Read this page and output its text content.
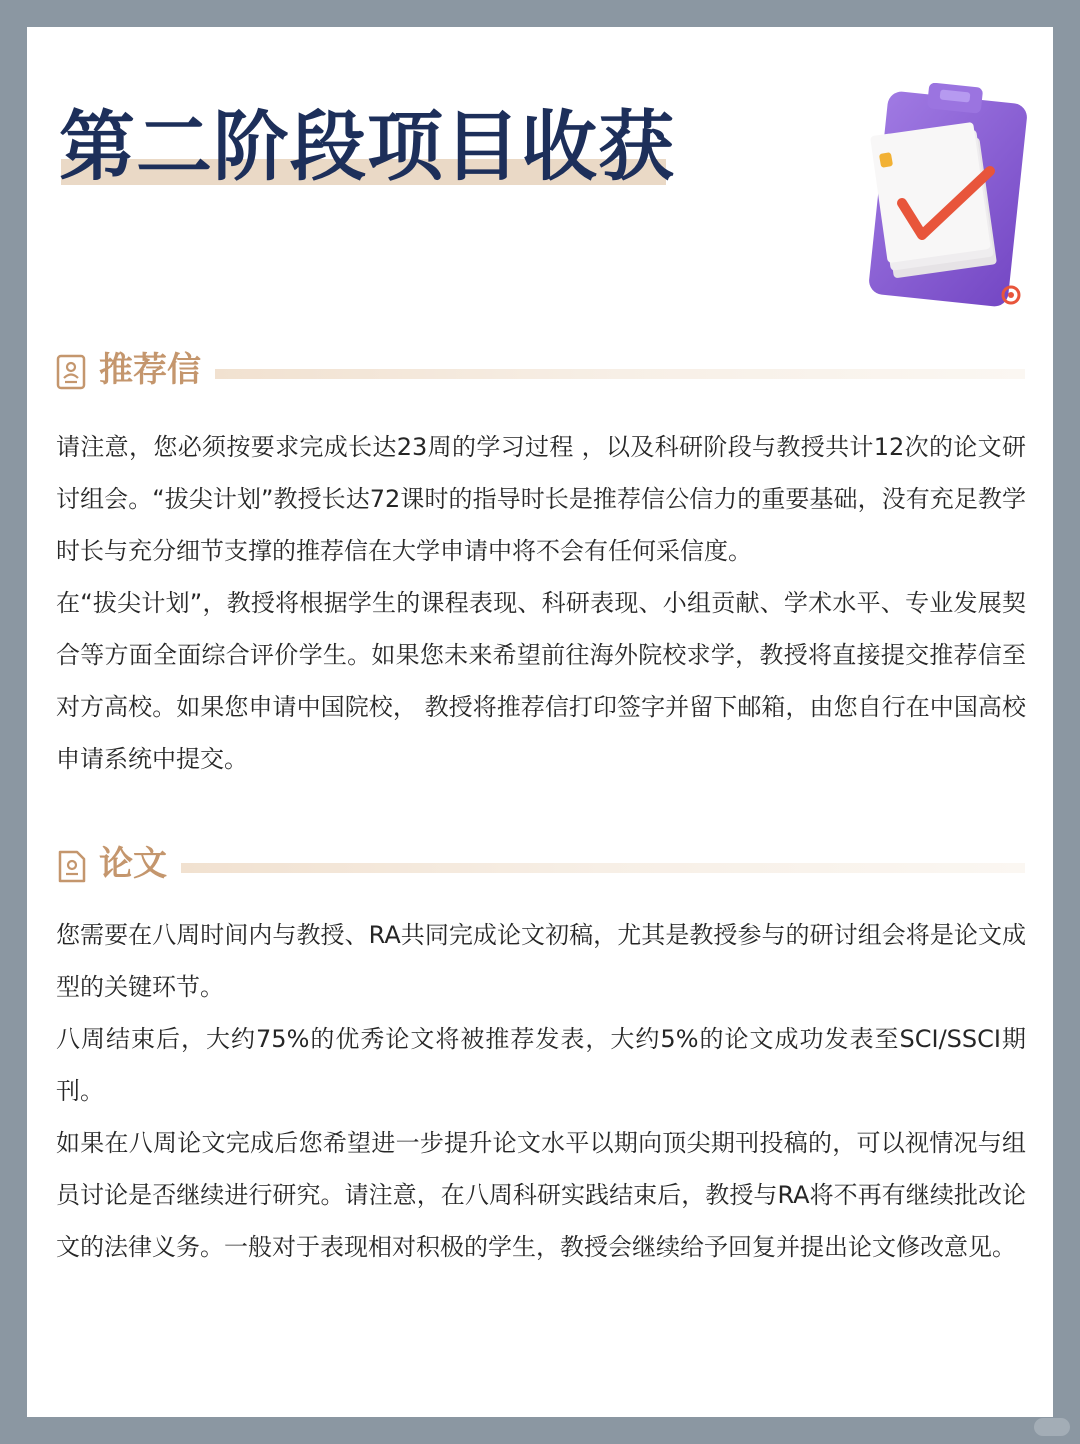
第二阶段项目收获
推荐信

请注意，您必须按要求完成长达23周的学习过程 ，以及科研阶段与教授共计12次的论文研讨组会。“拔尖计划”教授长达72课时的指导时长是推荐信公信力的重要基础，没有充足教学时长与充分细节支撑的推荐信在大学申请中将不会有任何采信度。

在“拔尖计划”，教授将根据学生的课程表现、科研表现、小组贡献、学术水平、专业发展契合等方面全面综合评价学生。如果您未来希望前往海外院校求学，教授将直接提交推荐信至对方高校。如果您申请中国院校， 教授将推荐信打印签字并留下邮箱，由您自行在中国高校申请系统中提交。

论文

您需要在八周时间内与教授、RA共同完成论文初稿，尤其是教授参与的研讨组会将是论文成型的关键环节。

八周结束后，大约75%的优秀论文将被推荐发表，大约5%的论文成功发表至SCI/SSCI期刊。

如果在八周论文完成后您希望进一步提升论文水平以期向顶尖期刊投稿的，可以视情况与组员讨论是否继续进行研究。请注意，在八周科研实践结束后，教授与RA将不再有继续批改论文的法律义务。一般对于表现相对积极的学生，教授会继续给予回复并提出论文修改意见。
